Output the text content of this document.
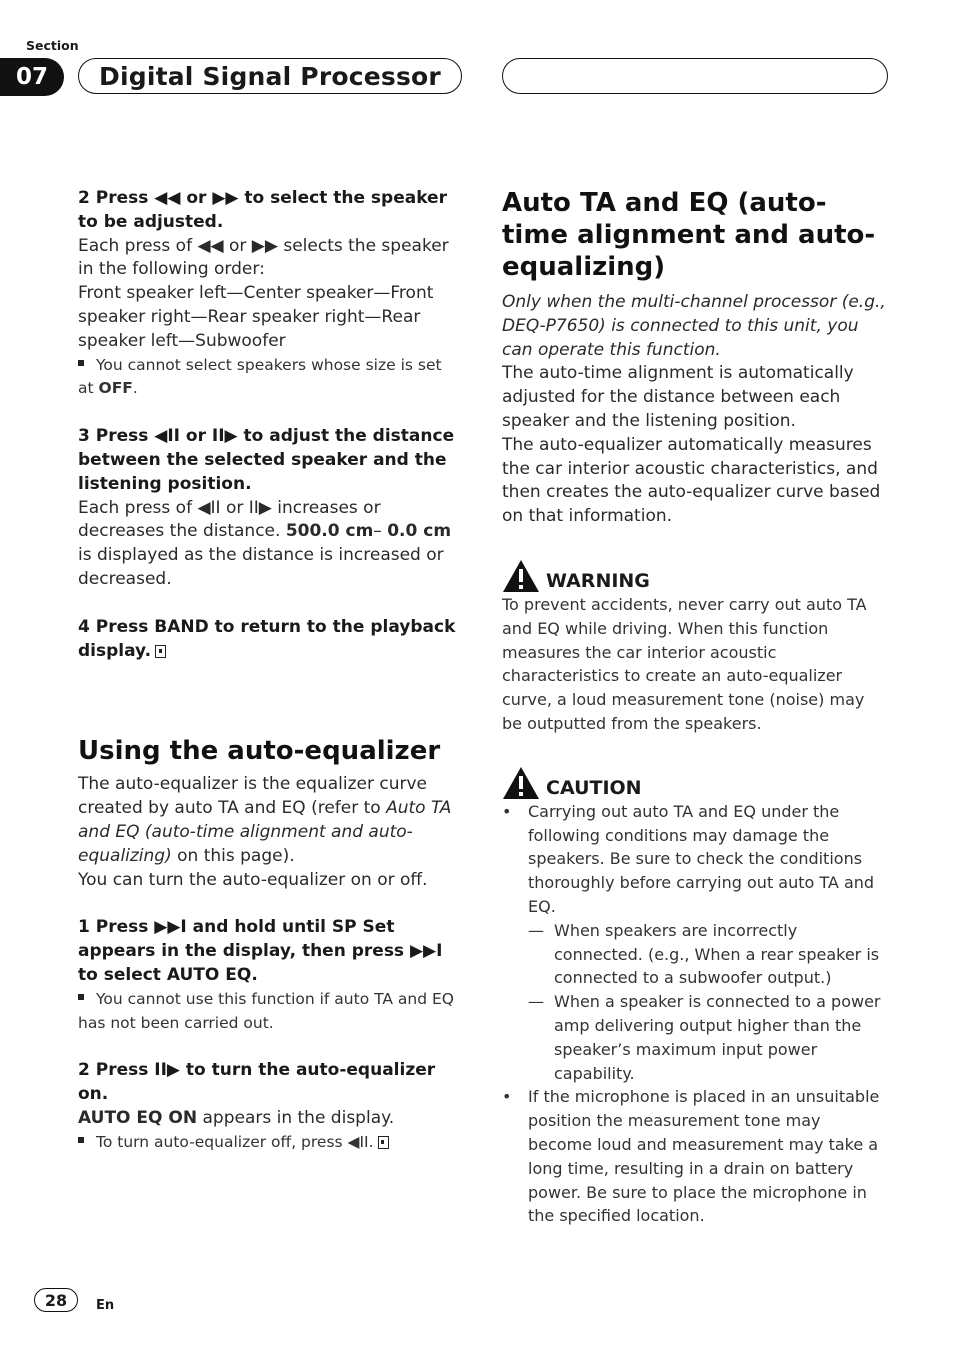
Section
07	Digital Signal Processor

2 Press ◀◀ or ▶▶ to select the speaker to be adjusted.

Each press of ◀◀ or ▶▶ selects the speaker in the following order:

Front speaker left—Center speaker—Front speaker right—Rear speaker right—Rear speaker left—Subwoofer

You cannot select speakers whose size is set at OFF.

3 Press ◀II or II▶ to adjust the distance between the selected speaker and the listening position.

Each press of ◀II or II▶ increases or decreases the distance. 500.0 cm– 0.0 cm is displayed as the distance is increased or decreased.

4 Press BAND to return to the playback display.

Using the auto-equalizer

The auto-equalizer is the equalizer curve created by auto TA and EQ (refer to Auto TA and EQ (auto-time alignment and auto-equalizing) on this page).

You can turn the auto-equalizer on or off.

1 Press ▶▶I and hold until SP Set appears in the display, then press ▶▶I to select AUTO EQ.

You cannot use this function if auto TA and EQ has not been carried out.

2 Press II▶ to turn the auto-equalizer on.

AUTO EQ ON appears in the display.

To turn auto-equalizer off, press ◀II.

Auto TA and EQ (auto-time alignment and auto-equalizing)

Only when the multi-channel processor (e.g., DEQ-P7650) is connected to this unit, you can operate this function.

The auto-time alignment is automatically adjusted for the distance between each speaker and the listening position.

The auto-equalizer automatically measures the car interior acoustic characteristics, and then creates the auto-equalizer curve based on that information.

WARNING

To prevent accidents, never carry out auto TA and EQ while driving. When this function measures the car interior acoustic characteristics to create an auto-equalizer curve, a loud measurement tone (noise) may be outputted from the speakers.

CAUTION
• Carrying out auto TA and EQ under the following conditions may damage the speakers. Be sure to check the conditions thoroughly before carrying out auto TA and EQ.
— When speakers are incorrectly connected. (e.g., When a rear speaker is connected to a subwoofer output.)
— When a speaker is connected to a power amp delivering output higher than the speaker’s maximum input power capability.
• If the microphone is placed in an unsuitable position the measurement tone may become loud and measurement may take a long time, resulting in a drain on battery power. Be sure to place the microphone in the specified location.
28	En
